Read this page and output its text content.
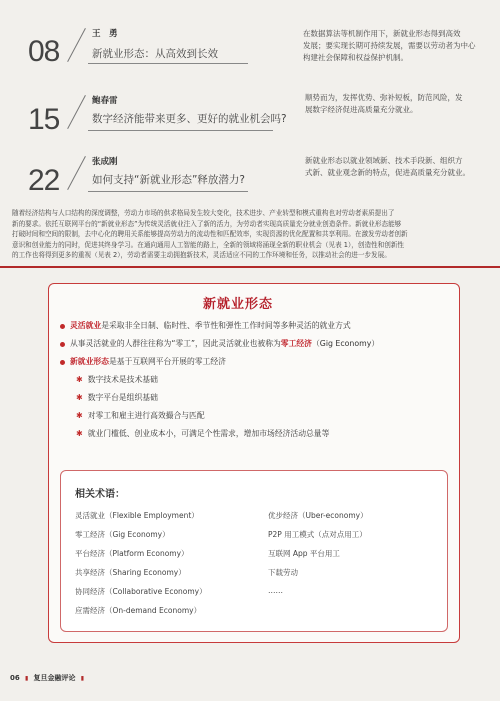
08
王　勇
新就业形态：从高效到长效
在数据算法等机制作用下，新就业形态得到高效
发展；要实现长期可持续发展，需要以劳动者为中心
构建社会保障和权益保护机制。
15
鲍春雷
数字经济能带来更多、更好的就业机会吗?
顺势而为，发挥优势、弥补短板，防范风险，发
展数字经济促进高质量充分就业。
22
张成刚
如何支持“新就业形态”释放潜力?
新就业形态以就业领域新、技术手段新、组织方
式新、就业观念新的特点，促进高质量充分就业。
随着经济结构与人口结构的深度调整，劳动力市场的供求格局发生较大变化，技术进步、产业转型和模式重构也对劳动者素质提出了
新的要求。依托互联网平台的“新就业形态”为传统灵活就业注入了新的活力，为劳动者实现高质量充分就业创造条件。新就业形态能够
打破时间和空间的限制，去中心化的聘用关系能够提高劳动力的流动性和匹配效率，实现资源的优化配置和共享利用。在激发劳动者创新
意识和创业能力的同时，促进其终身学习。在通向通用人工智能的路上，全新的领域将涌现全新的职业机会（见表 1），创造性和创新性
的工作也将得到更多的重视（见表 2），劳动者需要主动拥抱新技术，灵活适应不同的工作环境和任务，以推动社会的进一步发展。
新就业形态
灵活就业是采取非全日制、临时性、季节性和弹性工作时间等多种灵活的就业方式
从事灵活就业的人群往往称为“零工”，因此灵活就业也被称为零工经济（Gig Economy）
新就业形态是基于互联网平台开展的零工经济
✱ 数字技术是技术基础
✱ 数字平台是组织基础
✱ 对零工和雇主进行高效撮合与匹配
✱ 就业门槛低、创业成本小，可满足个性需求，增加市场经济活动总量等
相关术语：
灵活就业（Flexible Employment）
零工经济（Gig Economy）
平台经济（Platform Economy）
共享经济（Sharing Economy）
协同经济（Collaborative Economy）
应需经济（On-demand Economy）
优步经济（Uber-economy）
P2P 用工模式（点对点用工）
互联网 App 平台用工
下载劳动
……
06 ▮ 复旦金融评论 ▮
